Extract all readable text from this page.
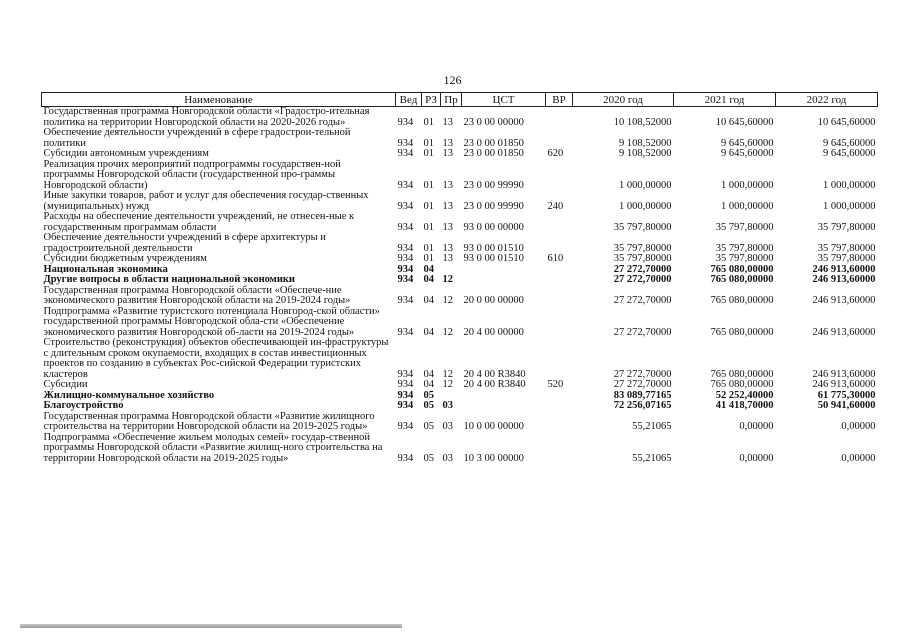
126
Наименование	Вед	РЗ	Пр	ЦСТ	ВР	2020 год	2021 год	2022 год
Государственная программа Новгородской области «Градостро-ительная политика на территории Новгородской области на 2020-2026 годы»	934	01	13	23 0 00 00000		10 108,52000	10 645,60000	10 645,60000
Обеспечение деятельности учреждений в сфере градострои-тельной политики	934	01	13	23 0 00 01850		9 108,52000	9 645,60000	9 645,60000
Субсидии автономным учреждениям	934	01	13	23 0 00 01850	620	9 108,52000	9 645,60000	9 645,60000
Реализация прочих мероприятий подпрограммы государствен-ной программы Новгородской области (государственной про-граммы Новгородской области)	934	01	13	23 0 00 99990		1 000,00000	1 000,00000	1 000,00000
Иные закупки товаров, работ и услуг для обеспечения государ-ственных (муниципальных) нужд	934	01	13	23 0 00 99990	240	1 000,00000	1 000,00000	1 000,00000
Расходы на обеспечение деятельности учреждений, не отнесен-ные к государственным программам области	934	01	13	93 0 00 00000		35 797,80000	35 797,80000	35 797,80000
Обеспечение деятельности учреждений в сфере архитектуры и градостроительной деятельности	934	01	13	93 0 00 01510		35 797,80000	35 797,80000	35 797,80000
Субсидии бюджетным учреждениям	934	01	13	93 0 00 01510	610	35 797,80000	35 797,80000	35 797,80000
Национальная экономика	934	04				27 272,70000	765 080,00000	246 913,60000
Другие вопросы в области национальной экономики	934	04	12			27 272,70000	765 080,00000	246 913,60000
Государственная программа Новгородской области «Обеспече-ние экономического развития Новгородской области на 2019-2024 годы»	934	04	12	20 0 00 00000		27 272,70000	765 080,00000	246 913,60000
Подпрограмма «Развитие туристского потенциала Новгород-ской области» государственной программы Новгородской обла-сти «Обеспечение экономического развития Новгородской об-ласти на 2019-2024 годы»	934	04	12	20 4 00 00000		27 272,70000	765 080,00000	246 913,60000
Строительство (реконструкция) объектов обеспечивающей ин-фраструктуры с длительным сроком окупаемости, входящих в состав инвестиционных проектов по созданию в субъектах Рос-сийской Федерации туристских кластеров	934	04	12	20 4 00 R3840		27 272,70000	765 080,00000	246 913,60000
Субсидии	934	04	12	20 4 00 R3840	520	27 272,70000	765 080,00000	246 913,60000
Жилищно-коммунальное хозяйство	934	05				83 089,77165	52 252,40000	61 775,30000
Благоустройство	934	05	03			72 256,07165	41 418,70000	50 941,60000
Государственная программа Новгородской области «Развитие жилищного строительства на территории Новгородской области на 2019-2025 годы»	934	05	03	10 0 00 00000		55,21065	0,00000	0,00000
Подпрограмма «Обеспечение жильем молодых семей» государ-ственной программы Новгородской области «Развитие жилищ-ного строительства на территории Новгородской области на 2019-2025 годы»	934	05	03	10 3 00 00000		55,21065	0,00000	0,00000
